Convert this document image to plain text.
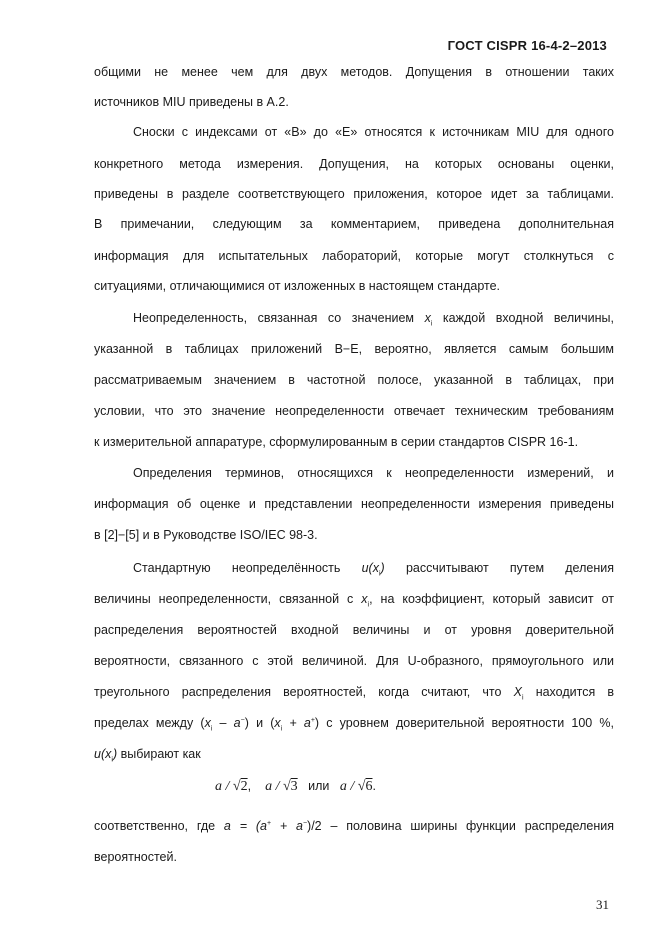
ГОСТ CISPR 16-4-2–2013
общими не менее чем для двух методов. Допущения в отношении таких
источников MIU приведены в A.2.
Сноски с индексами от «B» до «E» относятся к источникам MIU для одного
конкретного метода измерения. Допущения, на которых основаны оценки,
приведены в разделе соответствующего приложения, которое идет за таблицами.
В примечании, следующим за комментарием, приведена дополнительная
информация для испытательных лабораторий, которые могут столкнуться с
ситуациями, отличающимися от изложенных в настоящем стандарте.
Неопределенность, связанная со значением $x_i$ каждой входной величины,
указанной в таблицах приложений B−E, вероятно, является самым большим
рассматриваемым значением в частотной полосе, указанной в таблицах, при
условии, что это значение неопределенности отвечает техническим требованиям
к измерительной аппаратуре, сформулированным в серии стандартов CISPR 16-1.
Определения терминов, относящихся к неопределенности измерений, и
информация об оценке и представлении неопределенности измерения приведены
в [2]−[5] и в Руководстве ISO/IEC 98-3.
Стандартную неопределённость $u(x_i)$ рассчитывают путем деления
величины неопределенности, связанной с $x_i$, на коэффициент, который зависит от
распределения вероятностей входной величины и от уровня доверительной
вероятности, связанного с этой величиной. Для U-образного, прямоугольного или
треугольного распределения вероятностей, когда считают, что $X_i$ находится в
пределах между $(x_i - a^-)$ и $(x_i + a^+)$ с уровнем доверительной вероятности 100 %,
$u(x_i)$ выбирают как
a / √2, a / √3 или a / √6.
соответственно, где a = (a+ + a−)/2 – половина ширины функции распределения
вероятностей.
31
